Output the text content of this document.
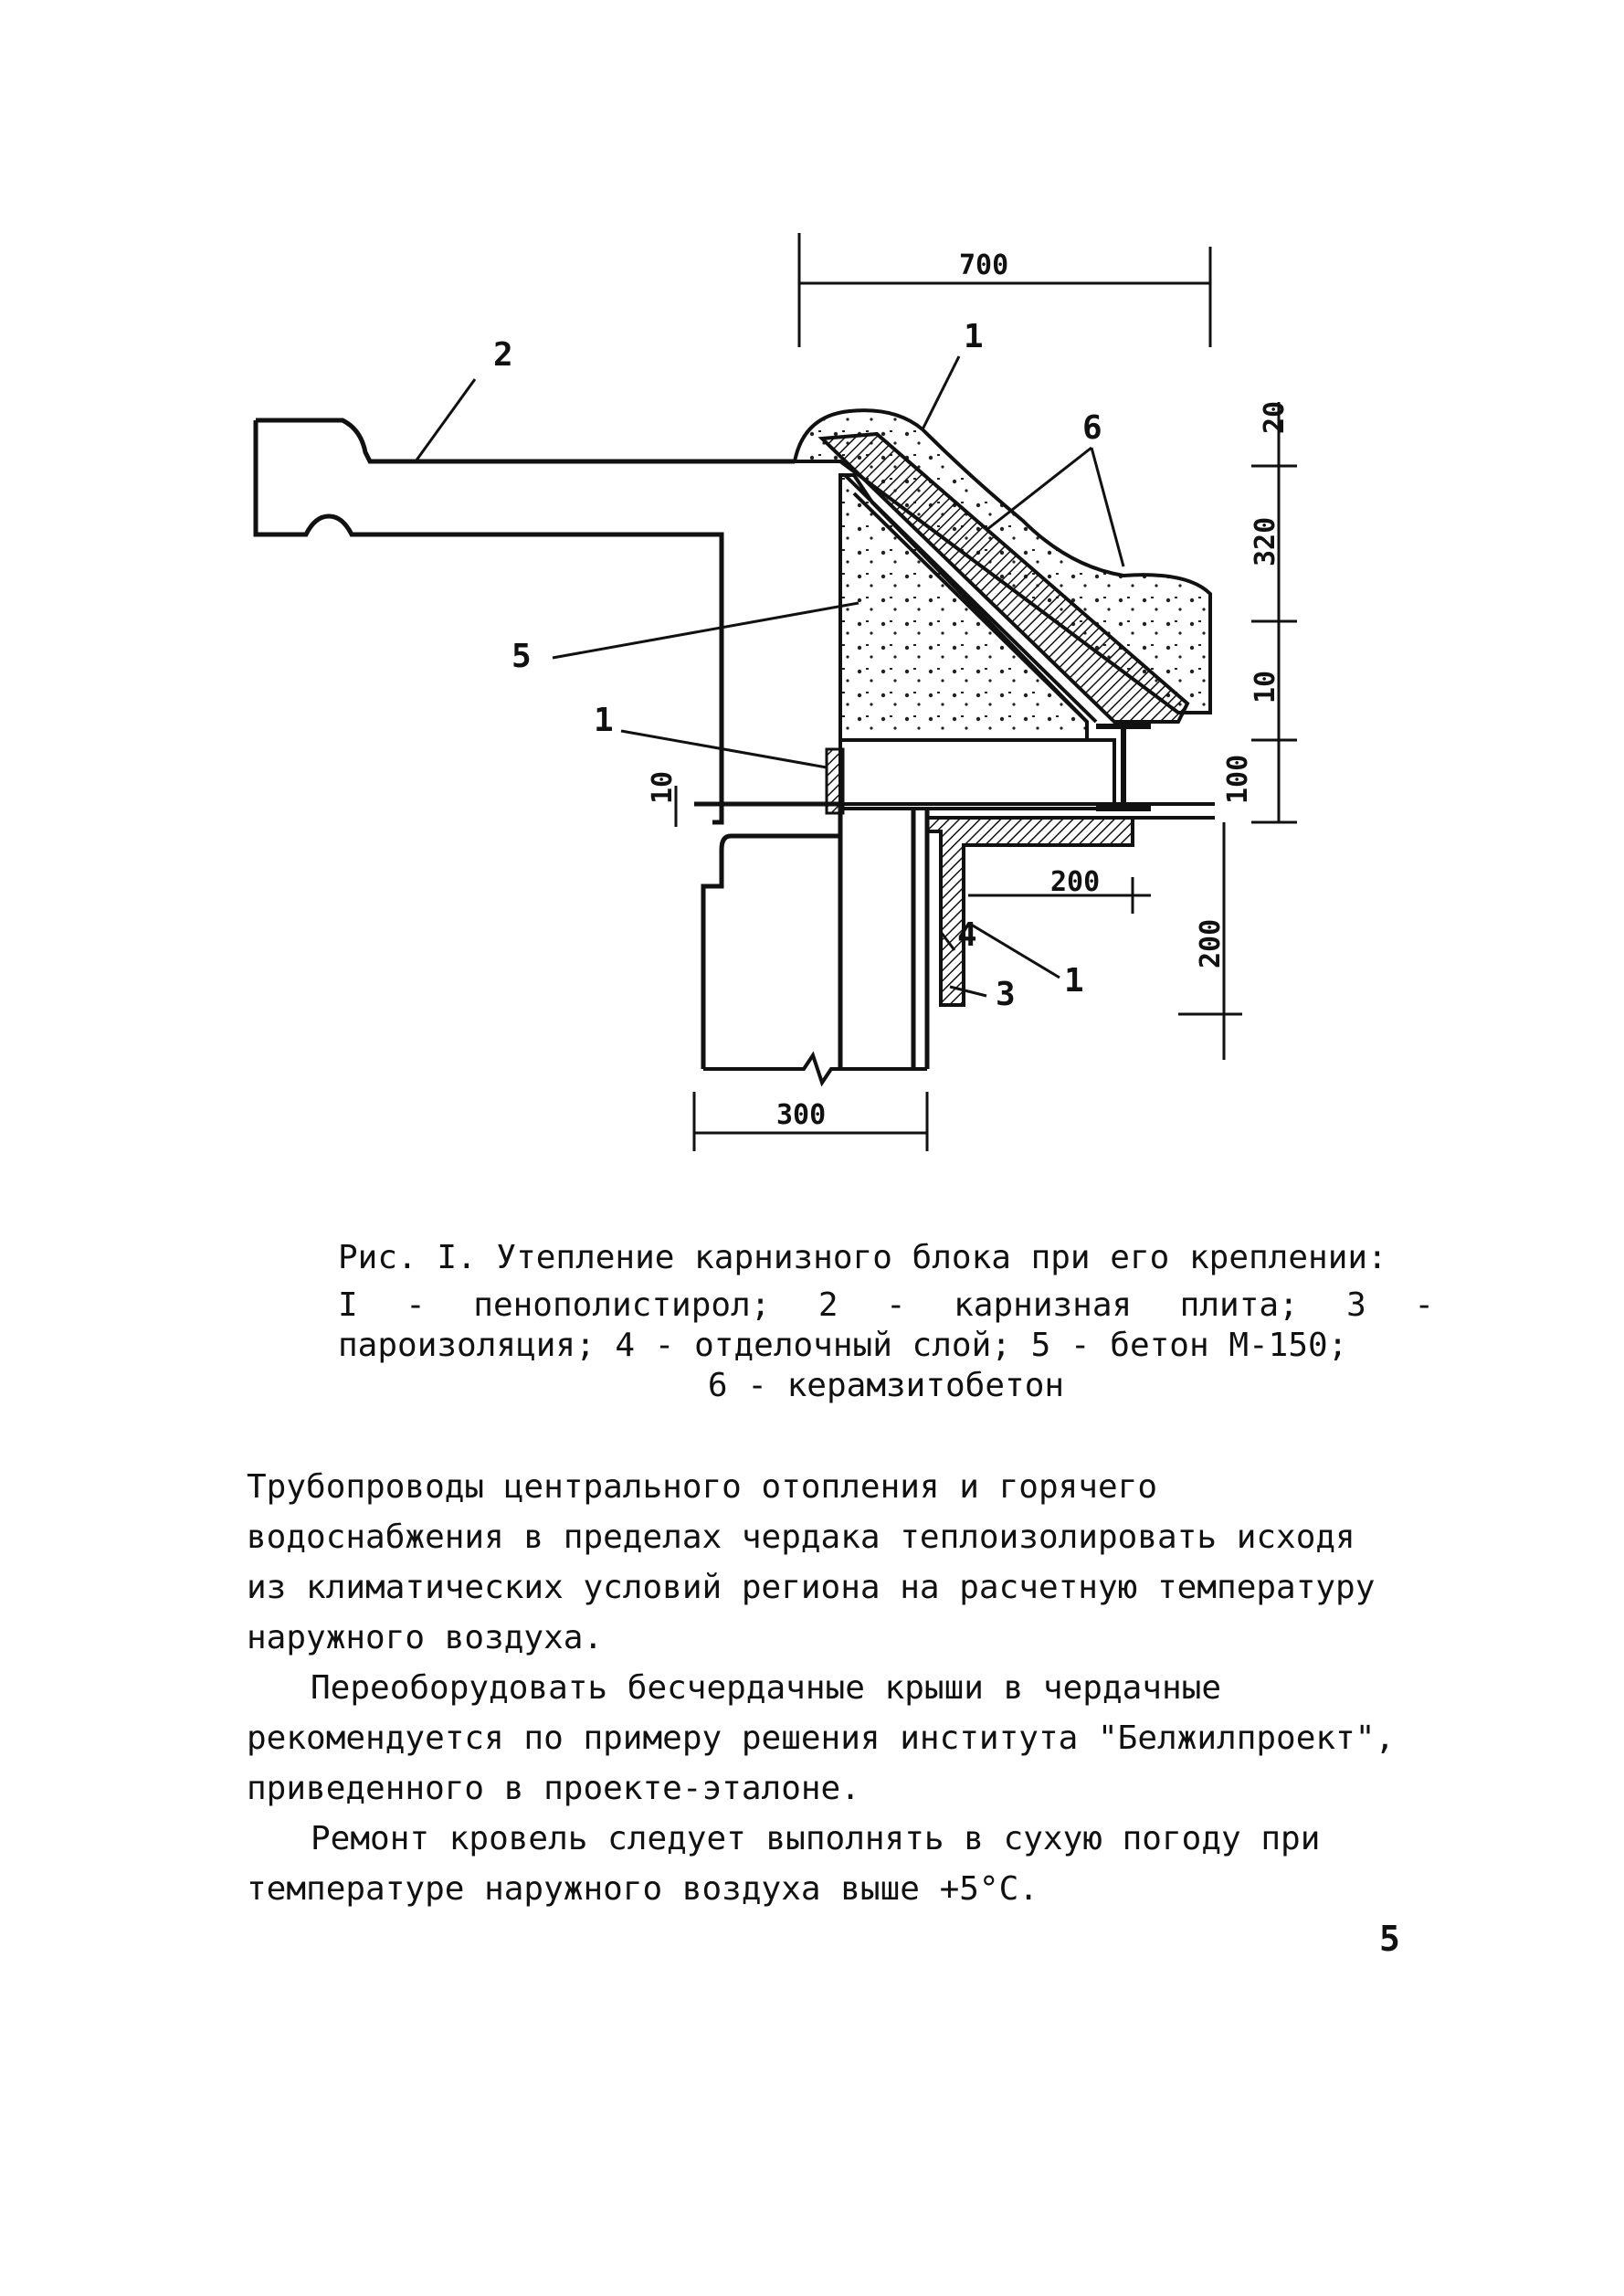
700
20
320
10
100
200
10
200
300
2	1
6
5
1
4
3 1

Рис. I. Утепление карнизного блока при его креплении:

I - пенополистирол; 2 - карнизная плита; 3 - пароизоляция; 4 - отделочный слой; 5 - бетон М-150;

6 - керамзитобетон

Трубопроводы центрального отопления и горячего водоснабжения в пределах чердака теплоизолировать исходя из климатических условий региона на расчетную температуру наружного воздуха.

Переоборудовать бесчердачные крыши в чердачные рекомендуется по примеру решения института "Белжилпроект", приведенного в проекте-эталоне.

Ремонт кровель следует выполнять в сухую погоду при температуре наружного воздуха выше +5°С.

5
